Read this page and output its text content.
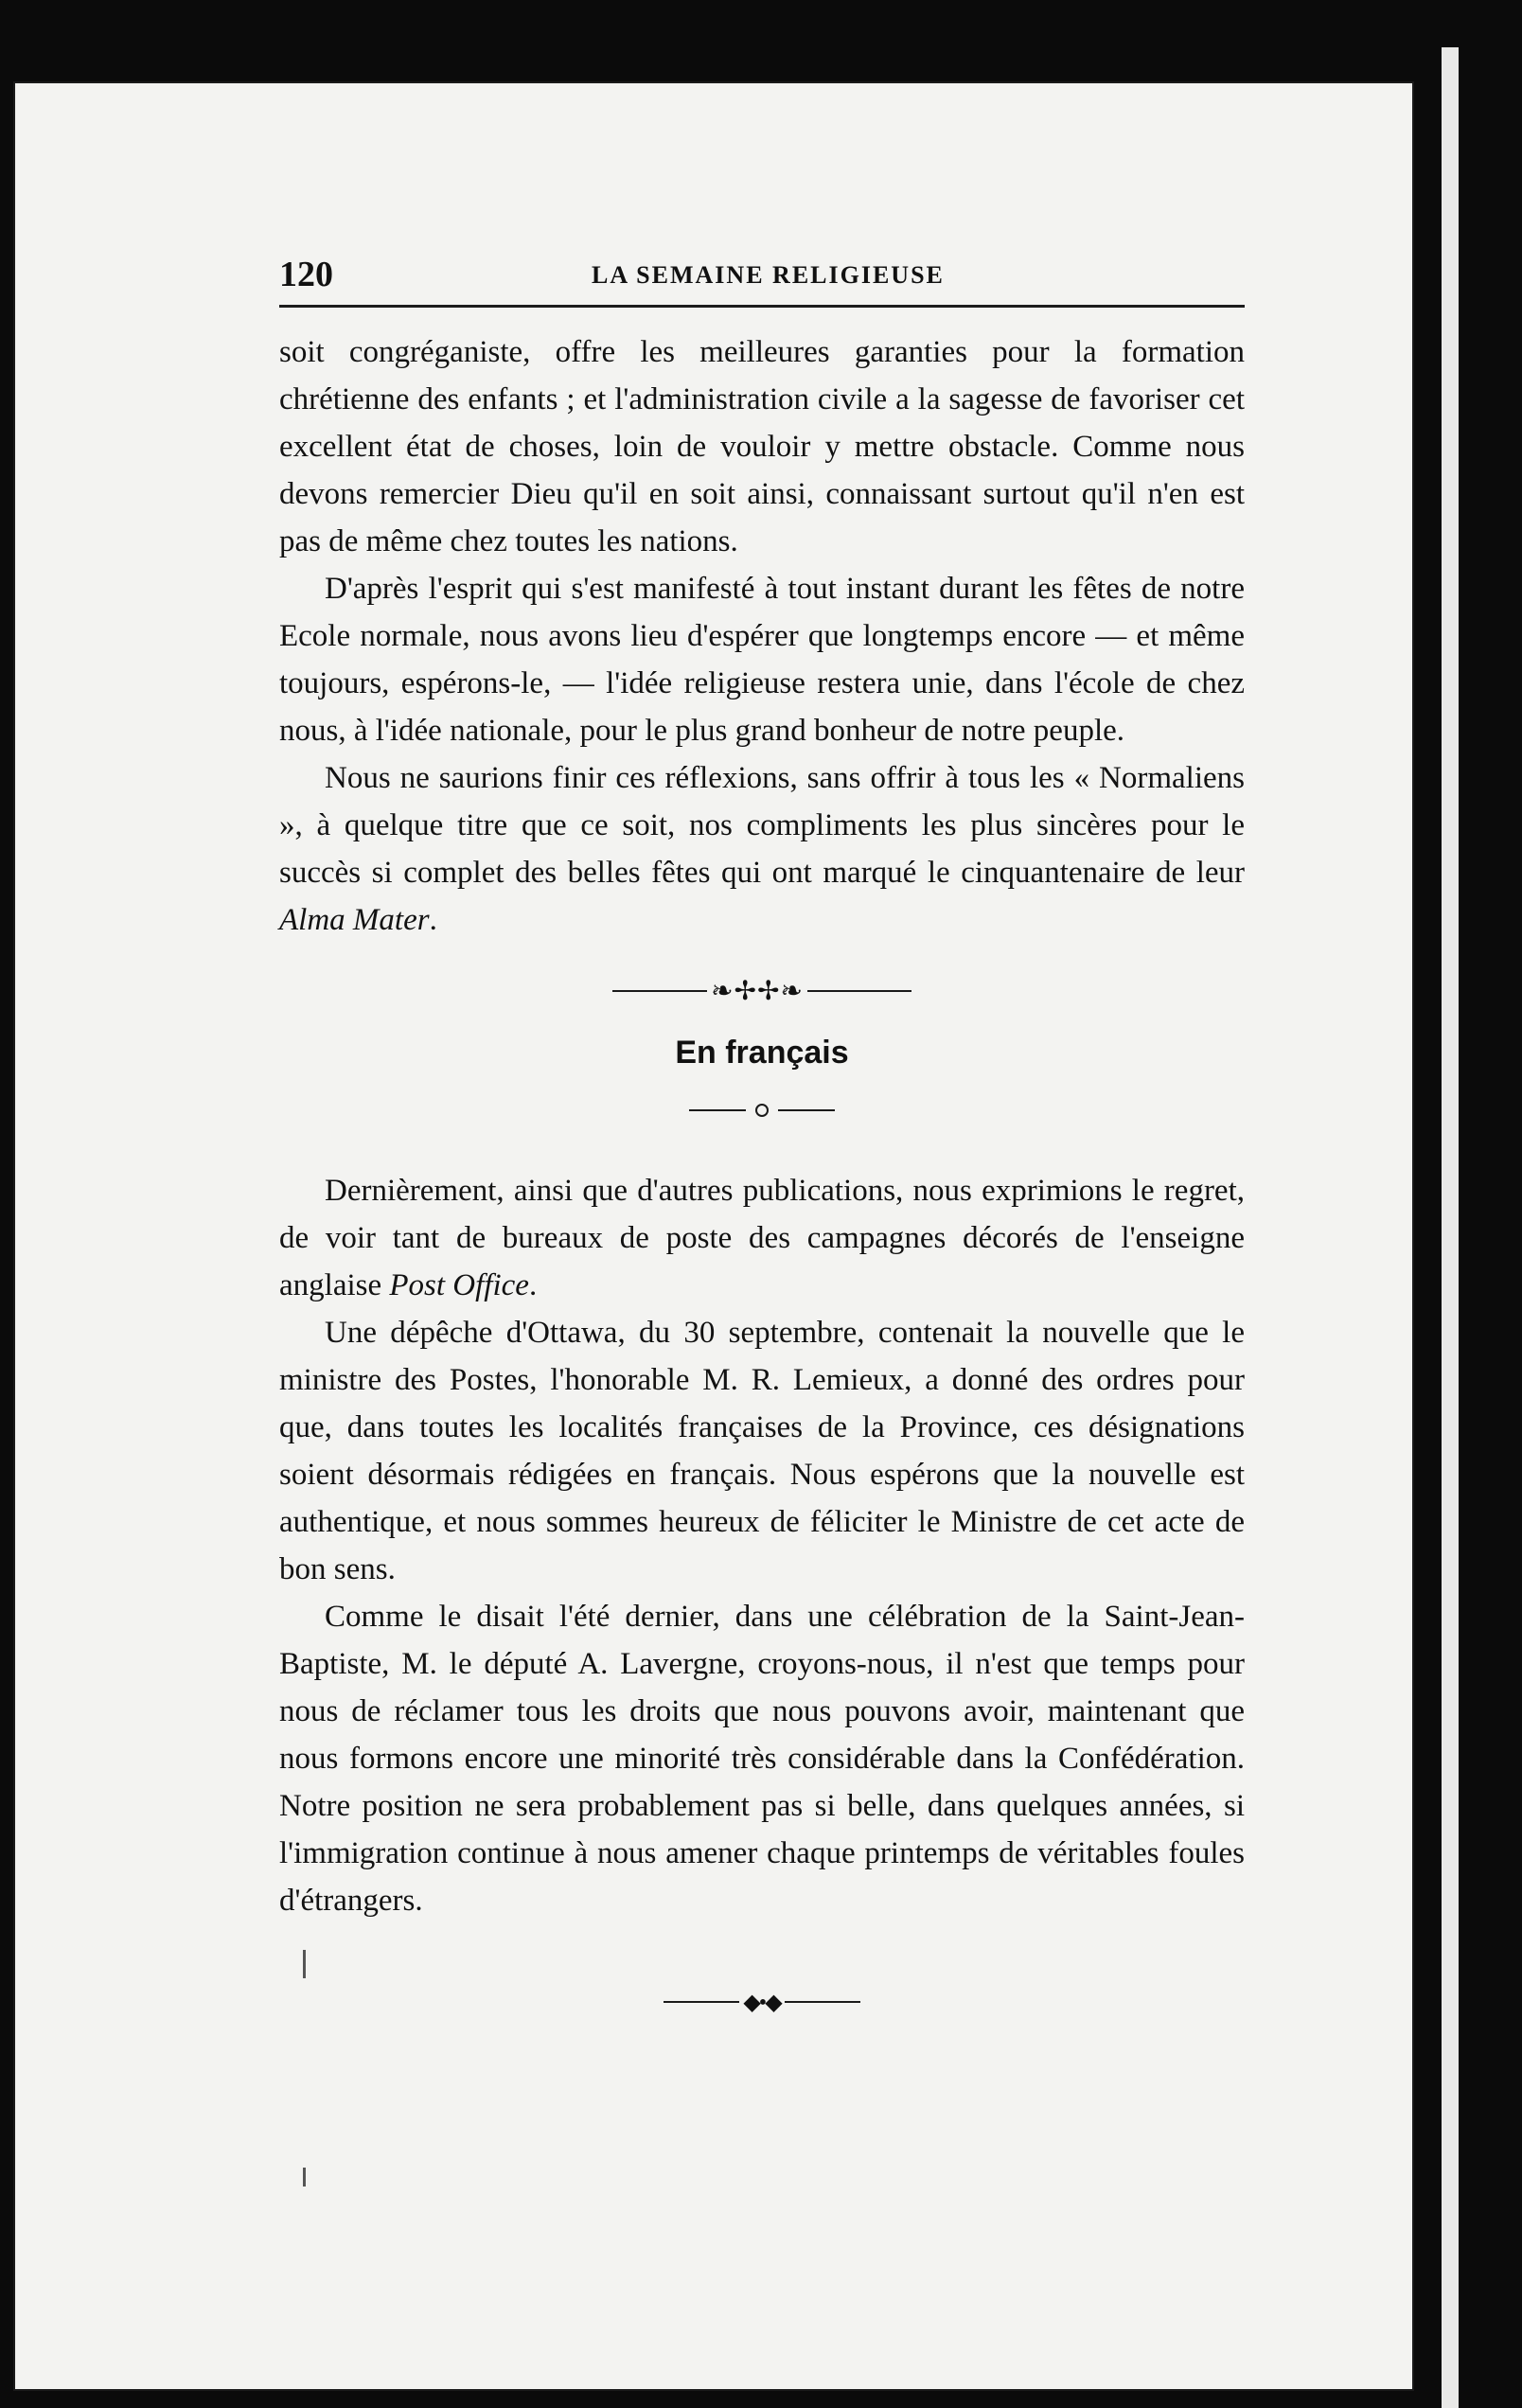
120	LA SEMAINE RELIGIEUSE

soit congréganiste, offre les meilleures garanties pour la formation chrétienne des enfants ; et l'administration civile a la sagesse de favoriser cet excellent état de choses, loin de vouloir y mettre obstacle. Comme nous devons remercier Dieu qu'il en soit ainsi, connaissant surtout qu'il n'en est pas de même chez toutes les nations.

D'après l'esprit qui s'est manifesté à tout instant durant les fêtes de notre Ecole normale, nous avons lieu d'espérer que longtemps encore — et même toujours, espérons-le, — l'idée religieuse restera unie, dans l'école de chez nous, à l'idée nationale, pour le plus grand bonheur de notre peuple.

Nous ne saurions finir ces réflexions, sans offrir à tous les « Normaliens », à quelque titre que ce soit, nos compliments les plus sincères pour le succès si complet des belles fêtes qui ont marqué le cinquantenaire de leur Alma Mater.

❧✢✢❧
En français

Dernièrement, ainsi que d'autres publications, nous exprimions le regret, de voir tant de bureaux de poste des campagnes décorés de l'enseigne anglaise Post Office.

Une dépêche d'Ottawa, du 30 septembre, contenait la nouvelle que le ministre des Postes, l'honorable M. R. Lemieux, a donné des ordres pour que, dans toutes les localités françaises de la Province, ces désignations soient désormais rédigées en français. Nous espérons que la nouvelle est authentique, et nous sommes heureux de féliciter le Ministre de cet acte de bon sens.

Comme le disait l'été dernier, dans une célébration de la Saint-Jean-Baptiste, M. le député A. Lavergne, croyons-nous, il n'est que temps pour nous de réclamer tous les droits que nous pouvons avoir, maintenant que nous formons encore une minorité très considérable dans la Confédération. Notre position ne sera probablement pas si belle, dans quelques années, si l'immigration continue à nous amener chaque printemps de véritables foules d'étrangers.

◆•◆
